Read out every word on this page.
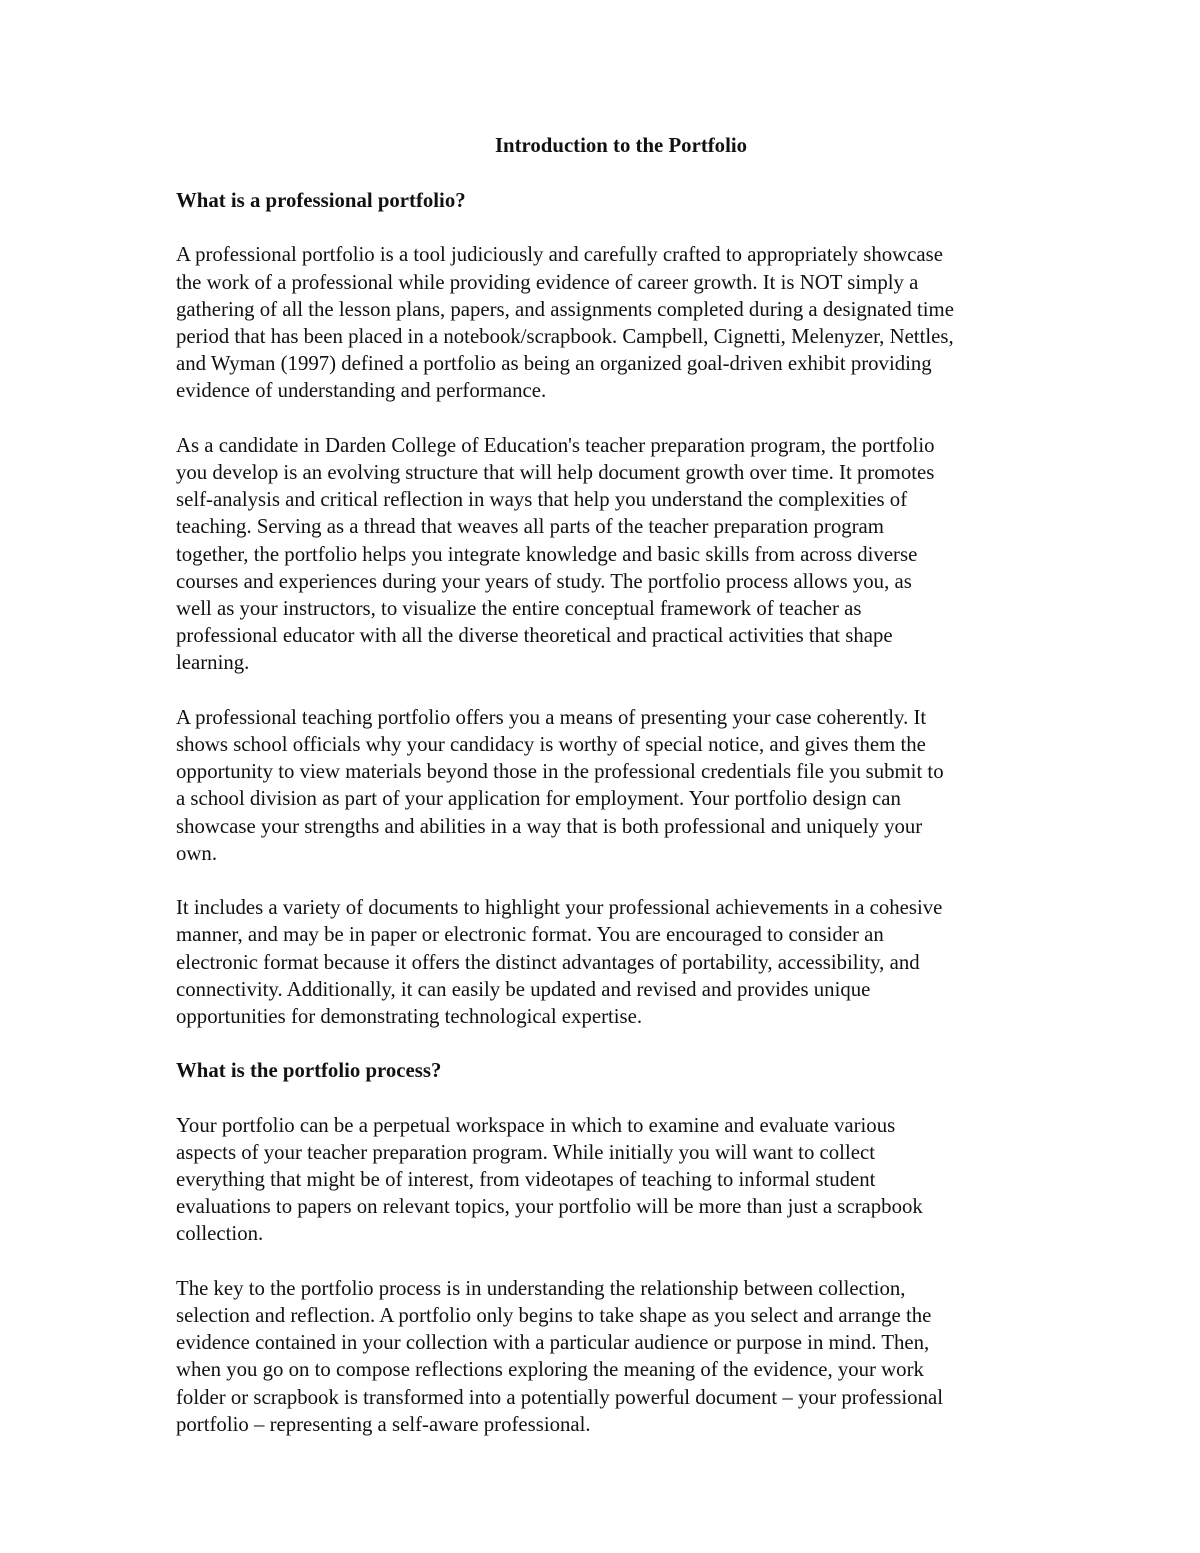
Introduction to the Portfolio
What is a professional portfolio?
A professional portfolio is a tool judiciously and carefully crafted to appropriately showcase
the work of a professional while providing evidence of career growth. It is NOT simply a
gathering of all the lesson plans, papers, and assignments completed during a designated time
period that has been placed in a notebook/scrapbook. Campbell, Cignetti, Melenyzer, Nettles,
and Wyman (1997) defined a portfolio as being an organized goal-driven exhibit providing
evidence of understanding and performance.
As a candidate in Darden College of Education's teacher preparation program, the portfolio
you develop is an evolving structure that will help document growth over time. It promotes
self-analysis and critical reflection in ways that help you understand the complexities of
teaching. Serving as a thread that weaves all parts of the teacher preparation program
together, the portfolio helps you integrate knowledge and basic skills from across diverse
courses and experiences during your years of study. The portfolio process allows you, as
well as your instructors, to visualize the entire conceptual framework of teacher as
professional educator with all the diverse theoretical and practical activities that shape
learning.
A professional teaching portfolio offers you a means of presenting your case coherently. It
shows school officials why your candidacy is worthy of special notice, and gives them the
opportunity to view materials beyond those in the professional credentials file you submit to
a school division as part of your application for employment. Your portfolio design can
showcase your strengths and abilities in a way that is both professional and uniquely your
own.
It includes a variety of documents to highlight your professional achievements in a cohesive
manner, and may be in paper or electronic format. You are encouraged to consider an
electronic format because it offers the distinct advantages of portability, accessibility, and
connectivity. Additionally, it can easily be updated and revised and provides unique
opportunities for demonstrating technological expertise.
What is the portfolio process?
Your portfolio can be a perpetual workspace in which to examine and evaluate various
aspects of your teacher preparation program. While initially you will want to collect
everything that might be of interest, from videotapes of teaching to informal student
evaluations to papers on relevant topics, your portfolio will be more than just a scrapbook
collection.
The key to the portfolio process is in understanding the relationship between collection,
selection and reflection. A portfolio only begins to take shape as you select and arrange the
evidence contained in your collection with a particular audience or purpose in mind. Then,
when you go on to compose reflections exploring the meaning of the evidence, your work
folder or scrapbook is transformed into a potentially powerful document – your professional
portfolio – representing a self-aware professional.
